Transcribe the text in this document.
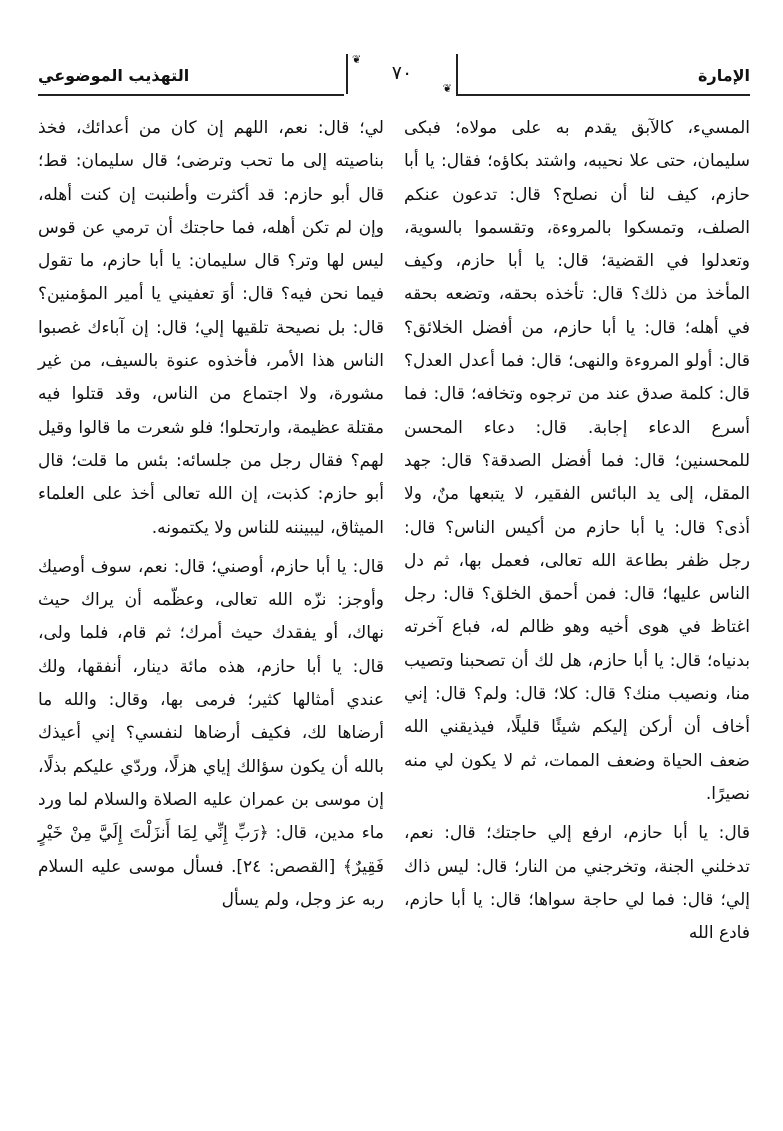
الإمارة
❦
٧٠
❦
التهذيب الموضوعي

المسيء، كالآبق يقدم به على مولاه؛ فبكى سليمان، حتى علا نحيبه، واشتد بكاؤه؛ فقال: يا أبا حازم، كيف لنا أن نصلح؟ قال: تدعون عنكم الصلف، وتمسكوا بالمروءة، وتقسموا بالسوية، وتعدلوا في القضية؛ قال: يا أبا حازم، وكيف المأخذ من ذلك؟ قال: تأخذه بحقه، وتضعه بحقه في أهله؛ قال: يا أبا حازم، من أفضل الخلائق؟ قال: أولو المروءة والنهى؛ قال: فما أعدل العدل؟ قال: كلمة صدق عند من ترجوه وتخافه؛ قال: فما أسرع الدعاء إجابة. قال: دعاء المحسن للمحسنين؛ قال: فما أفضل الصدقة؟ قال: جهد المقل، إلى يد البائس الفقير، لا يتبعها منٌ، ولا أذى؟ قال: يا أبا حازم من أكيس الناس؟ قال: رجل ظفر بطاعة الله تعالى، فعمل بها، ثم دل الناس عليها؛ قال: فمن أحمق الخلق؟ قال: رجل اغتاظ في هوى أخيه وهو ظالم له، فباع آخرته بدنياه؛ قال: يا أبا حازم، هل لك أن تصحبنا وتصيب منا، ونصيب منك؟ قال: كلا؛ قال: ولم؟ قال: إني أخاف أن أركن إليكم شيئًا قليلًا، فيذيقني الله ضعف الحياة وضعف الممات، ثم لا يكون لي منه نصيرًا.

قال: يا أبا حازم، ارفع إلي حاجتك؛ قال: نعم، تدخلني الجنة، وتخرجني من النار؛ قال: ليس ذاك إلي؛ قال: فما لي حاجة سواها؛ قال: يا أبا حازم، فادع الله

لي؛ قال: نعم، اللهم إن كان من أعدائك، فخذ بناصيته إلى ما تحب وترضى؛ قال سليمان: قط؛ قال أبو حازم: قد أكثرت وأطنبت إن كنت أهله، وإن لم تكن أهله، فما حاجتك أن ترمي عن قوس ليس لها وتر؟ قال سليمان: يا أبا حازم، ما تقول فيما نحن فيه؟ قال: أوَ تعفيني يا أمير المؤمنين؟ قال: بل نصيحة تلقيها إلي؛ قال: إن آباءك غصبوا الناس هذا الأمر، فأخذوه عنوة بالسيف، من غير مشورة، ولا اجتماع من الناس، وقد قتلوا فيه مقتلة عظيمة، وارتحلوا؛ فلو شعرت ما قالوا وقيل لهم؟ فقال رجل من جلسائه: بئس ما قلت؛ قال أبو حازم: كذبت، إن الله تعالى أخذ على العلماء الميثاق، ليبيننه للناس ولا يكتمونه.

قال: يا أبا حازم، أوصني؛ قال: نعم، سوف أوصيك وأوجز: نزّه الله تعالى، وعظّمه أن يراك حيث نهاك، أو يفقدك حيث أمرك؛ ثم قام، فلما ولى، قال: يا أبا حازم، هذه مائة دينار، أنفقها، ولك عندي أمثالها كثير؛ فرمى بها، وقال: والله ما أرضاها لك، فكيف أرضاها لنفسي؟ إني أعيذك بالله أن يكون سؤالك إياي هزلًا، وردّي عليكم بذلًا، إن موسى بن عمران عليه الصلاة والسلام لما ورد ماء مدين، قال: ﴿رَبِّ إِنِّي لِمَا أَنزَلْتَ إِلَيَّ مِنْ خَيْرٍ فَقِيرٌ﴾ [القصص: ٢٤]. فسأل موسى عليه السلام ربه عز وجل، ولم يسأل
